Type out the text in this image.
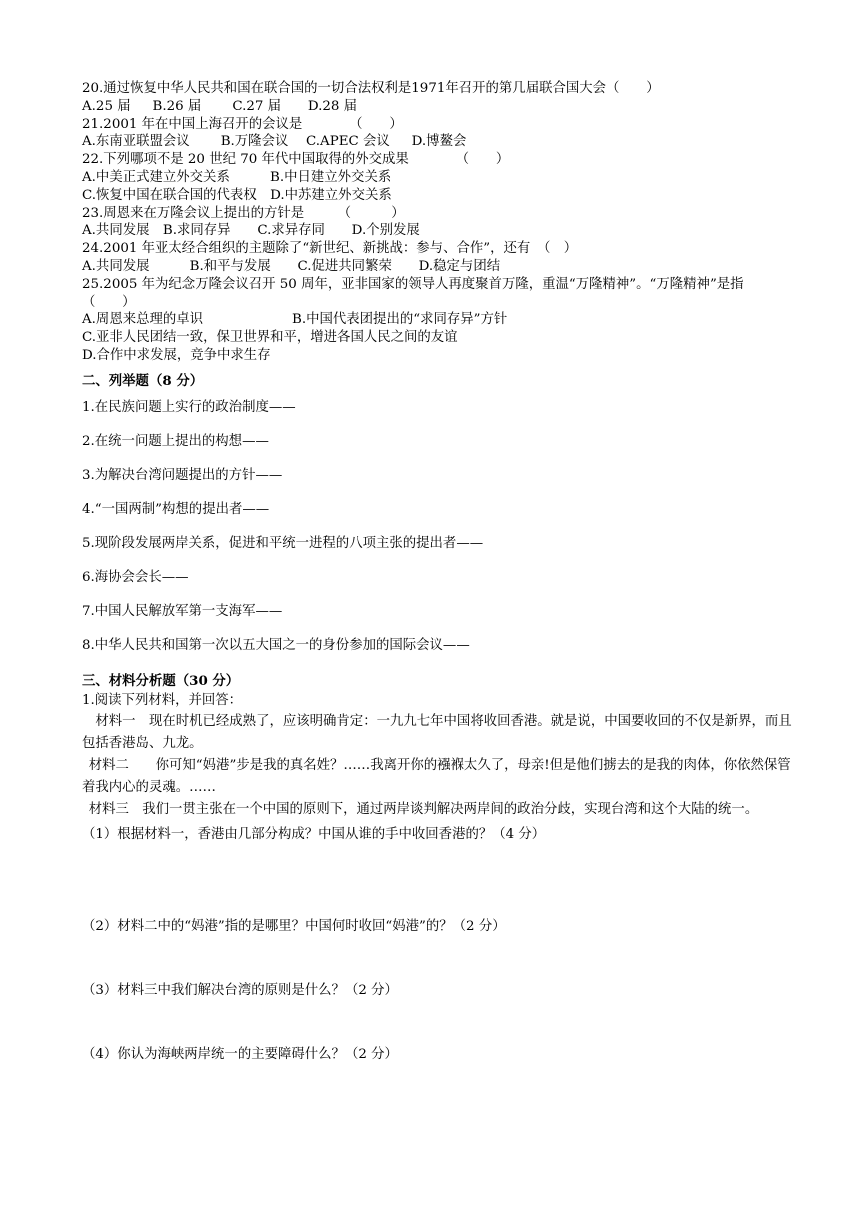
20.通过恢复中华人民共和国在联合国的一切合法权利是1971年召开的第几届联合国大会（　　）
A.25 届　  B.26 届　　 C.27 届　　D.28 届
21.2001 年在中国上海召开的会议是　　　　（　　）
A.东南亚联盟会议　　 B.万隆会议　 C.APEC 会议　  D.博鳌会
22.下列哪项不是 20 世纪 70 年代中国取得的外交成果　　　　（　　）
A.中美正式建立外交关系　　　B.中日建立外交关系
C.恢复中国在联合国的代表权　D.中苏建立外交关系
23.周恩来在万隆会议上提出的方针是　　　（　　　）
A.共同发展　B.求同存异　　C.求异存同　　D.个别发展
24.2001 年亚太经合组织的主题除了“新世纪、新挑战：参与、合作”，还有　（　）
A.共同发展　　　B.和平与发展　　C.促进共同繁荣　　D.稳定与团结
25.2005 年为纪念万隆会议召开 50 周年，亚非国家的领导人再度聚首万隆，重温“万隆精神”。“万隆精神”是指　　　（　　）
A.周恩来总理的卓识	B.中国代表团提出的“求同存异”方针
C.亚非人民团结一致，保卫世界和平，增进各国人民之间的友谊
D.合作中求发展，竞争中求生存
二、列举题（8 分）
1.在民族问题上实行的政治制度——
2.在统一问题上提出的构想——
3.为解决台湾问题提出的方针——
4.“一国两制”构想的提出者——
5.现阶段发展两岸关系，促进和平统一进程的八项主张的提出者——
6.海协会会长——
7.中国人民解放军第一支海军——
8.中华人民共和国第一次以五大国之一的身份参加的国际会议——
三、材料分析题（30 分）
1.阅读下列材料，并回答：
材料一　现在时机已经成熟了，应该明确肯定：一九九七年中国将收回香港。就是说，中国要收回的不仅是新界，而且包括香港岛、九龙。
材料二　　你可知“妈港”步是我的真名姓？……我离开你的襁褓太久了，母亲!但是他们掳去的是我的肉体，你依然保管着我内心的灵魂。……
材料三　我们一贯主张在一个中国的原则下，通过两岸谈判解决两岸间的政治分歧，实现台湾和这个大陆的统一。
（1）根据材料一，香港由几部分构成？中国从谁的手中收回香港的？（4 分）
（2）材料二中的“妈港”指的是哪里？中国何时收回“妈港”的？（2 分）
（3）材料三中我们解决台湾的原则是什么？（2 分）
（4）你认为海峡两岸统一的主要障碍什么？（2 分）
